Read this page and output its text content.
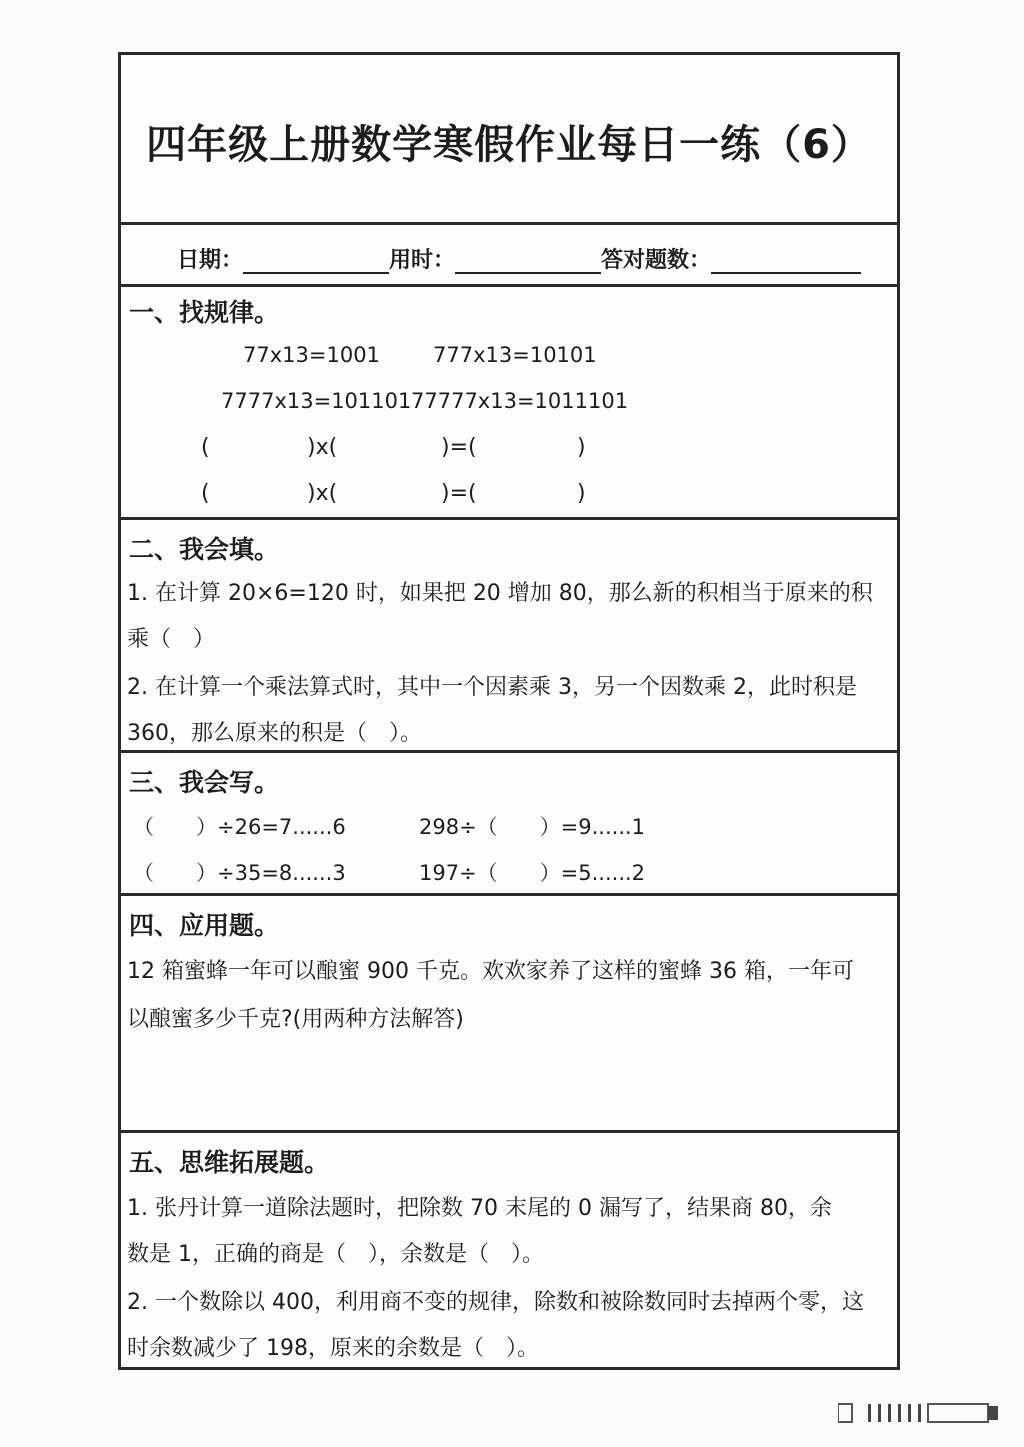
四年级上册数学寒假作业每日一练（6）
日期：	用时：	答对题数：
一、找规律。
77x13=1001	777x13=10101
7777x13=101101 77777x13=1011101
(	)x(	)=(	)
(	)x(	)=(	)
二、我会填。
1. 在计算 20×6=120 时，如果把 20 增加 80，那么新的积相当于原来的积
乘（　）
2. 在计算一个乘法算式时，其中一个因素乘 3，另一个因数乘 2，此时积是
360，那么原来的积是（　）。
三、我会写。
（　　）÷26=7......6	298÷（　　）=9......1
（　　）÷35=8......3	197÷（　　）=5......2
四、应用题。
12 箱蜜蜂一年可以酿蜜 900 千克。欢欢家养了这样的蜜蜂 36 箱，一年可
以酿蜜多少千克?(用两种方法解答)
五、思维拓展题。
1. 张丹计算一道除法题时，把除数 70 末尾的 0 漏写了，结果商 80，余
数是 1，正确的商是（　），余数是（　）。
2. 一个数除以 400，利用商不变的规律，除数和被除数同时去掉两个零，这
时余数减少了 198，原来的余数是（　）。
